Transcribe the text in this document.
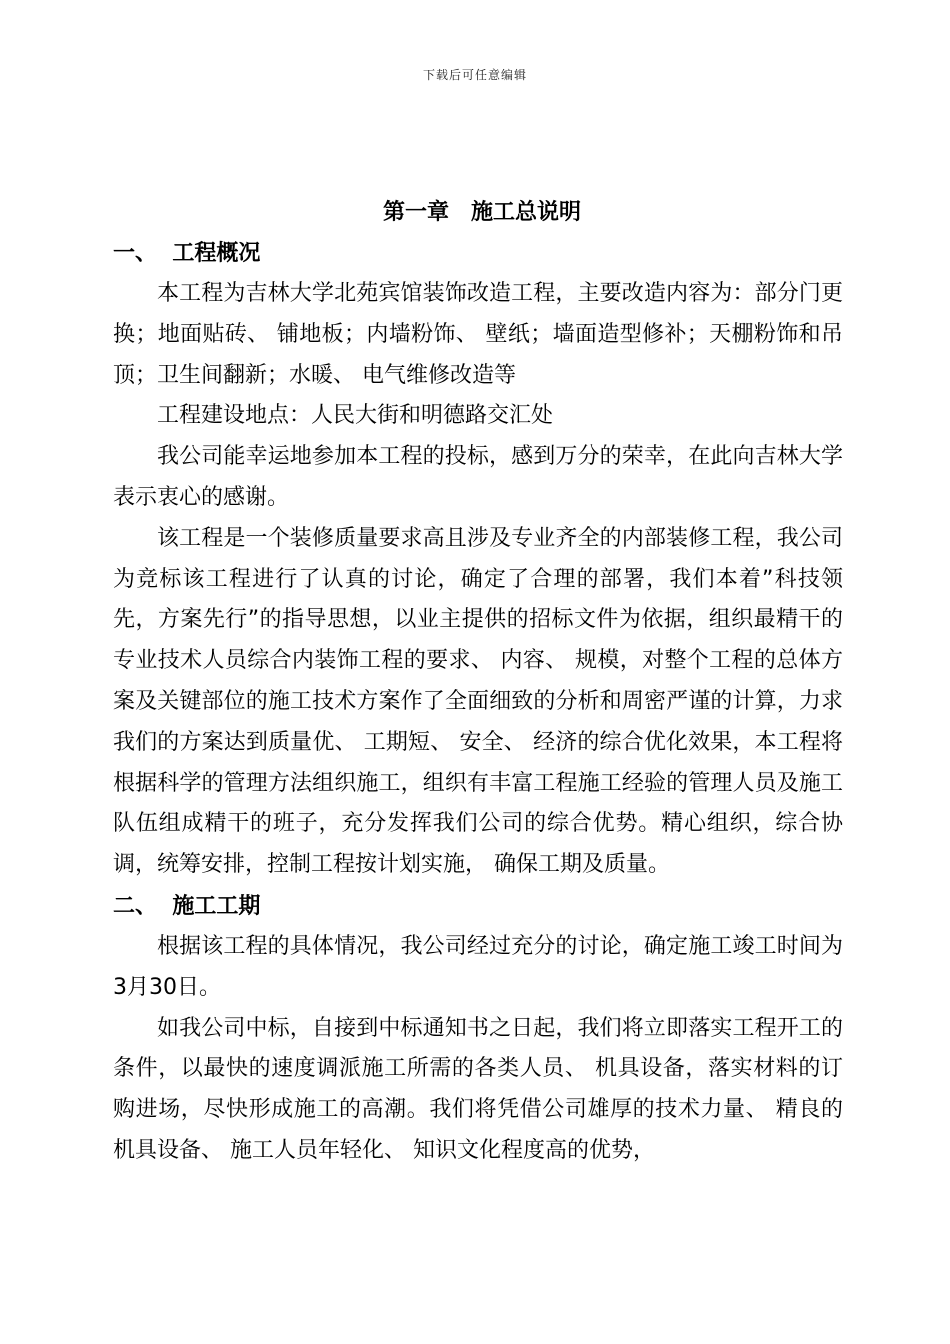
下载后可任意编辑
第一章　施工总说明
一、  工程概况

本工程为吉林大学北苑宾馆装饰改造工程，主要改造内容为：部分门更换；地面贴砖、 铺地板；内墙粉饰、 壁纸；墙面造型修补；天棚粉饰和吊顶；卫生间翻新；水暖、 电气维修改造等

工程建设地点：人民大街和明德路交汇处

我公司能幸运地参加本工程的投标，感到万分的荣幸，在此向吉林大学表示衷心的感谢。

该工程是一个装修质量要求高且涉及专业齐全的内部装修工程，我公司为竞标该工程进行了认真的讨论，确定了合理的部署，我们本着”科技领先，方案先行”的指导思想，以业主提供的招标文件为依据，组织最精干的专业技术人员综合内装饰工程的要求、 内容、 规模，对整个工程的总体方案及关键部位的施工技术方案作了全面细致的分析和周密严谨的计算，力求我们的方案达到质量优、 工期短、 安全、 经济的综合优化效果，本工程将根据科学的管理方法组织施工，组织有丰富工程施工经验的管理人员及施工队伍组成精干的班子，充分发挥我们公司的综合优势。精心组织，综合协调，统筹安排，控制工程按计划实施， 确保工期及质量。

二、  施工工期

根据该工程的具体情况，我公司经过充分的讨论，确定施工竣工时间为 3月30日。

如我公司中标，自接到中标通知书之日起，我们将立即落实工程开工的条件，以最快的速度调派施工所需的各类人员、 机具设备，落实材料的订购进场，尽快形成施工的高潮。我们将凭借公司雄厚的技术力量、 精良的机具设备、 施工人员年轻化、 知识文化程度高的优势，
